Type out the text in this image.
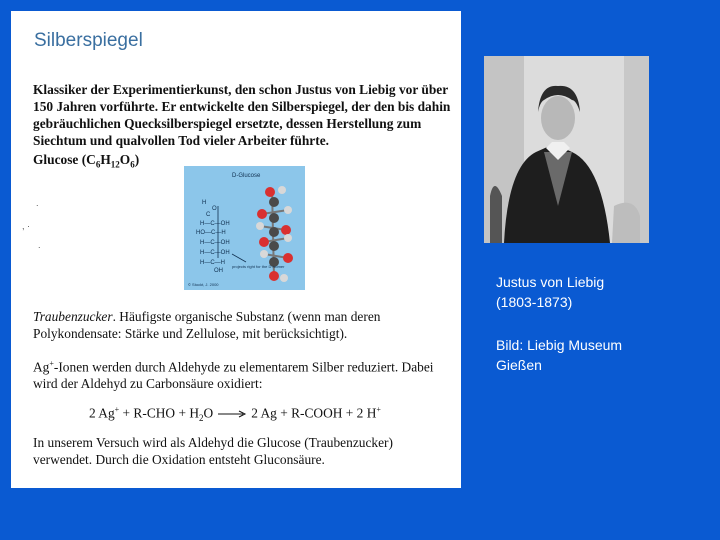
Silberspiegel
Klassiker der Experimentierkunst, den schon Justus von Liebig vor über 150 Jahren vorführte. Er entwickelte den Silberspiegel, der den bis dahin gebräuchlichen Quecksilberspiegel ersetzte, dessen Herstellung zum Siechtum und qualvollen Tod vieler Arbeiter führte.
Glucose $(C_6H_{12}O_6)$
.
, ·
.
D-Glucose
H
O
C
H—C—OH
HO—C—H
H—C—OH
H—C—OH
H—C—H
OH
projects right for the D isomer
© Stockt, J. 2000
Traubenzucker. Häufigste organische Substanz (wenn man deren Polykondensate: Stärke und Zellulose, mit berücksichtigt).
Ag+-Ionen werden durch Aldehyde zu elementarem Silber reduziert. Dabei wird der Aldehyd zu Carbonsäure oxidiert:
2 $Ag^+ + R-CHO + H_2O \to 2$ Ag + R-COOH + 2 H+
In unserem Versuch wird als Aldehyd die Glucose (Traubenzucker) verwendet. Durch die Oxidation entsteht Gluconsäure.
Justus von Liebig
(1803-1873)
Bild: Liebig Museum
Gießen
